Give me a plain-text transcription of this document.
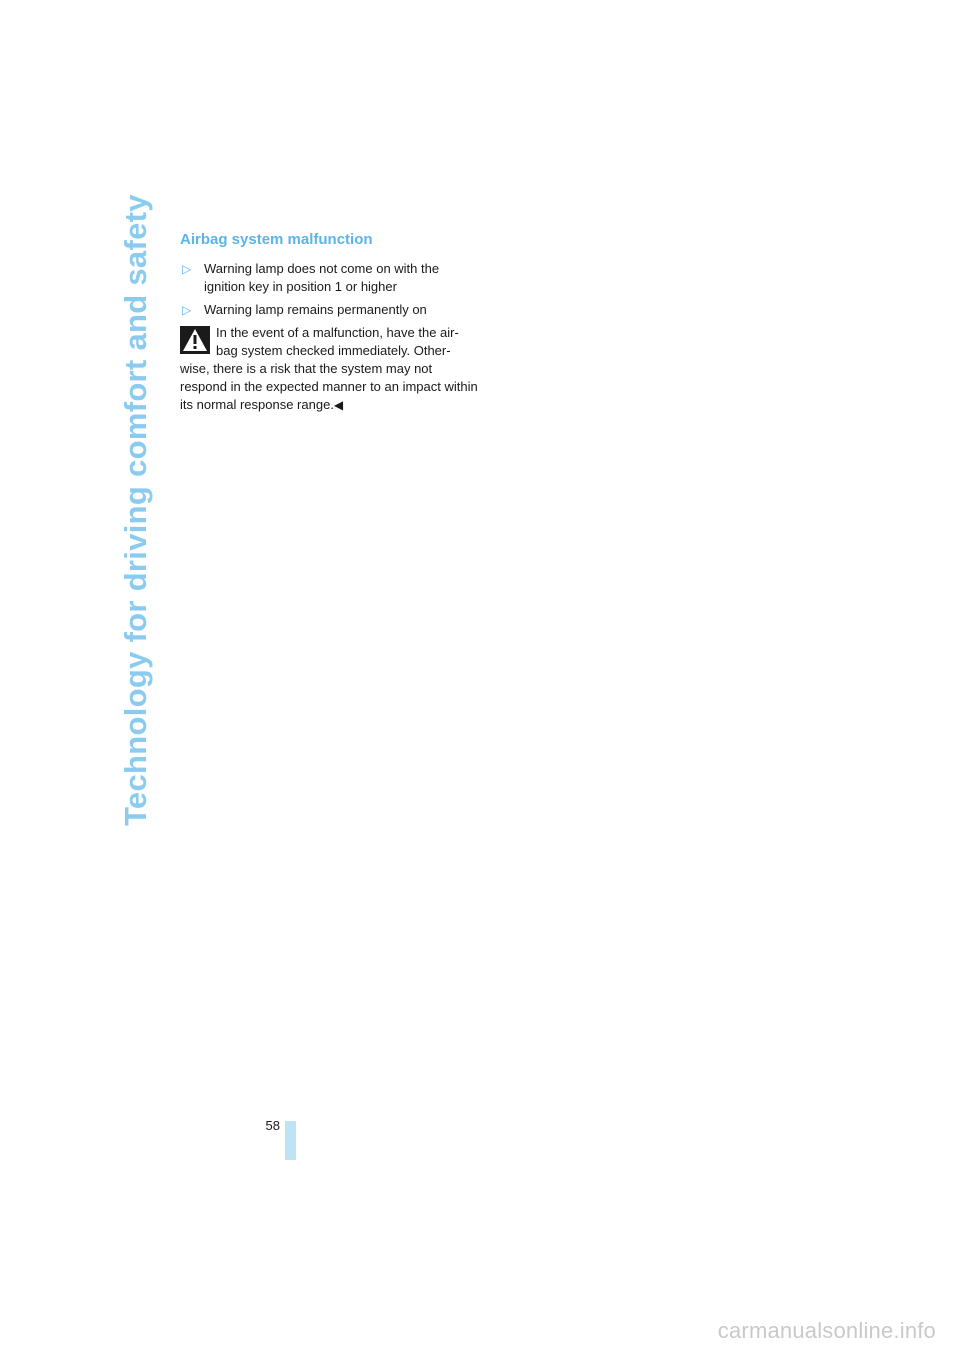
Technology for driving comfort and safety Airbag system malfunction
▷ Warning lamp does not come on with the ignition key in position 1 or higher
▷ Warning lamp remains permanently on
In the event of a malfunction, have the air-bag system checked immediately. Other-wise, there is a risk that the system may not respond in the expected manner to an impact within its normal response range.◀
58
carmanualsonline.info
